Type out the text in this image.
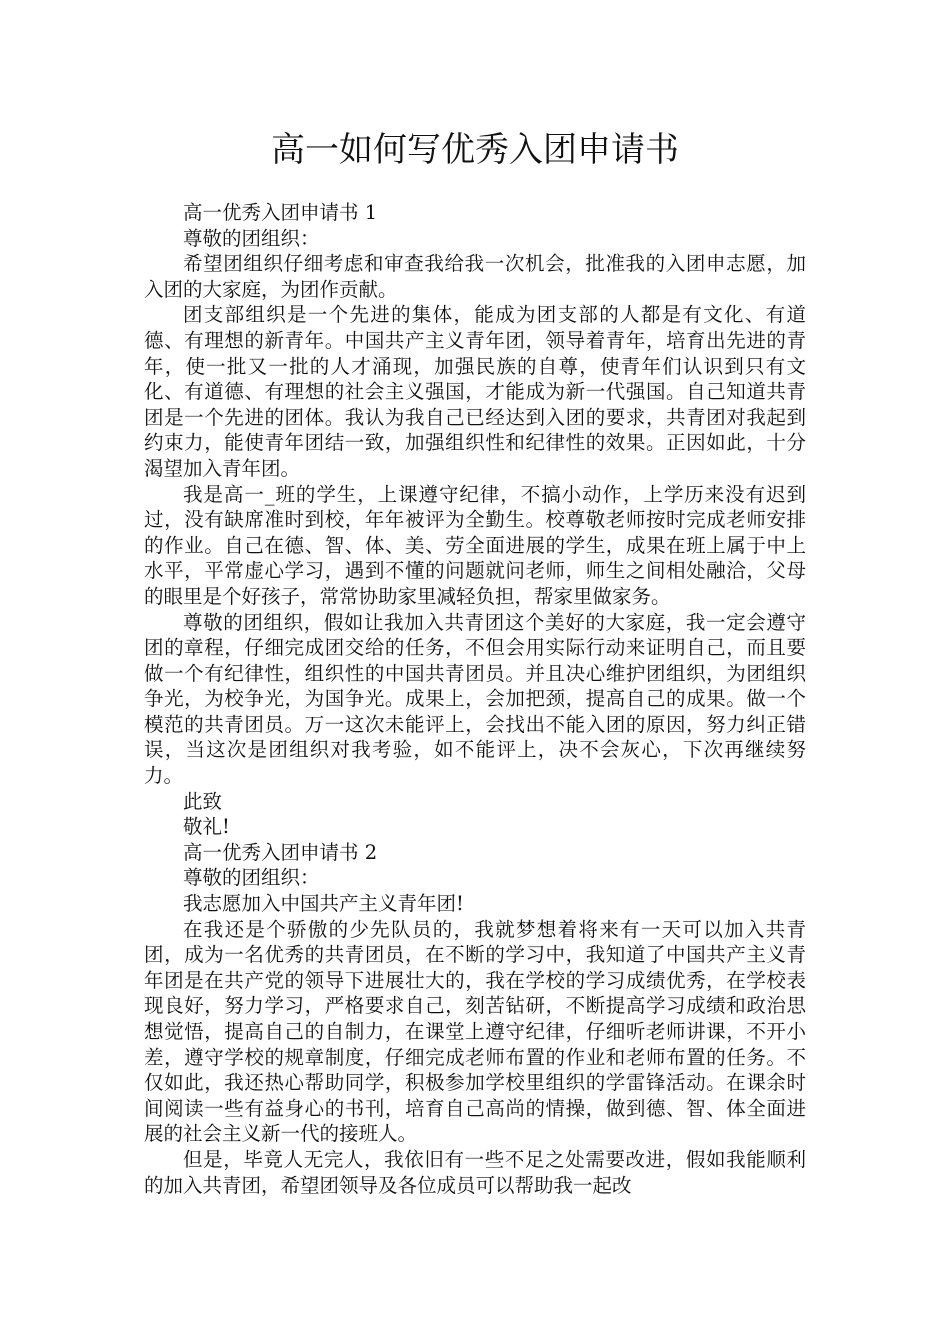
高一如何写优秀入团申请书

高一优秀入团申请书 1

尊敬的团组织：

希望团组织仔细考虑和审查我给我一次机会，批准我的入团申志愿，加入团的大家庭，为团作贡献。

团支部组织是一个先进的集体，能成为团支部的人都是有文化、有道德、有理想的新青年。中国共产主义青年团，领导着青年，培育出先进的青年，使一批又一批的人才涌现，加强民族的自尊，使青年们认识到只有文化、有道德、有理想的社会主义强国，才能成为新一代强国。自己知道共青团是一个先进的团体。我认为我自己已经达到入团的要求，共青团对我起到约束力，能使青年团结一致，加强组织性和纪律性的效果。正因如此，十分渴望加入青年团。

我是高一_班的学生，上课遵守纪律，不搞小动作，上学历来没有迟到过，没有缺席准时到校，年年被评为全勤生。校尊敬老师按时完成老师安排的作业。自己在德、智、体、美、劳全面进展的学生，成果在班上属于中上水平，平常虚心学习，遇到不懂的问题就问老师，师生之间相处融洽，父母的眼里是个好孩子，常常协助家里减轻负担，帮家里做家务。

尊敬的团组织，假如让我加入共青团这个美好的大家庭，我一定会遵守团的章程，仔细完成团交给的任务，不但会用实际行动来证明自己，而且要做一个有纪律性，组织性的中国共青团员。并且决心维护团组织，为团组织争光，为校争光，为国争光。成果上，会加把颈，提高自己的成果。做一个模范的共青团员。万一这次未能评上，会找出不能入团的原因，努力纠正错误，当这次是团组织对我考验，如不能评上，决不会灰心，下次再继续努力。

此致

敬礼!

高一优秀入团申请书 2

尊敬的团组织：

我志愿加入中国共产主义青年团!

在我还是个骄傲的少先队员的，我就梦想着将来有一天可以加入共青团，成为一名优秀的共青团员，在不断的学习中，我知道了中国共产主义青年团是在共产党的领导下进展壮大的，我在学校的学习成绩优秀，在学校表现良好，努力学习，严格要求自己，刻苦钻研，不断提高学习成绩和政治思想觉悟，提高自己的自制力，在课堂上遵守纪律，仔细听老师讲课，不开小差，遵守学校的规章制度，仔细完成老师布置的作业和老师布置的任务。不仅如此，我还热心帮助同学，积极参加学校里组织的学雷锋活动。在课余时间阅读一些有益身心的书刊，培育自己高尚的情操，做到德、智、体全面进展的社会主义新一代的接班人。

但是，毕竟人无完人，我依旧有一些不足之处需要改进，假如我能顺利的加入共青团，希望团领导及各位成员可以帮助我一起改
